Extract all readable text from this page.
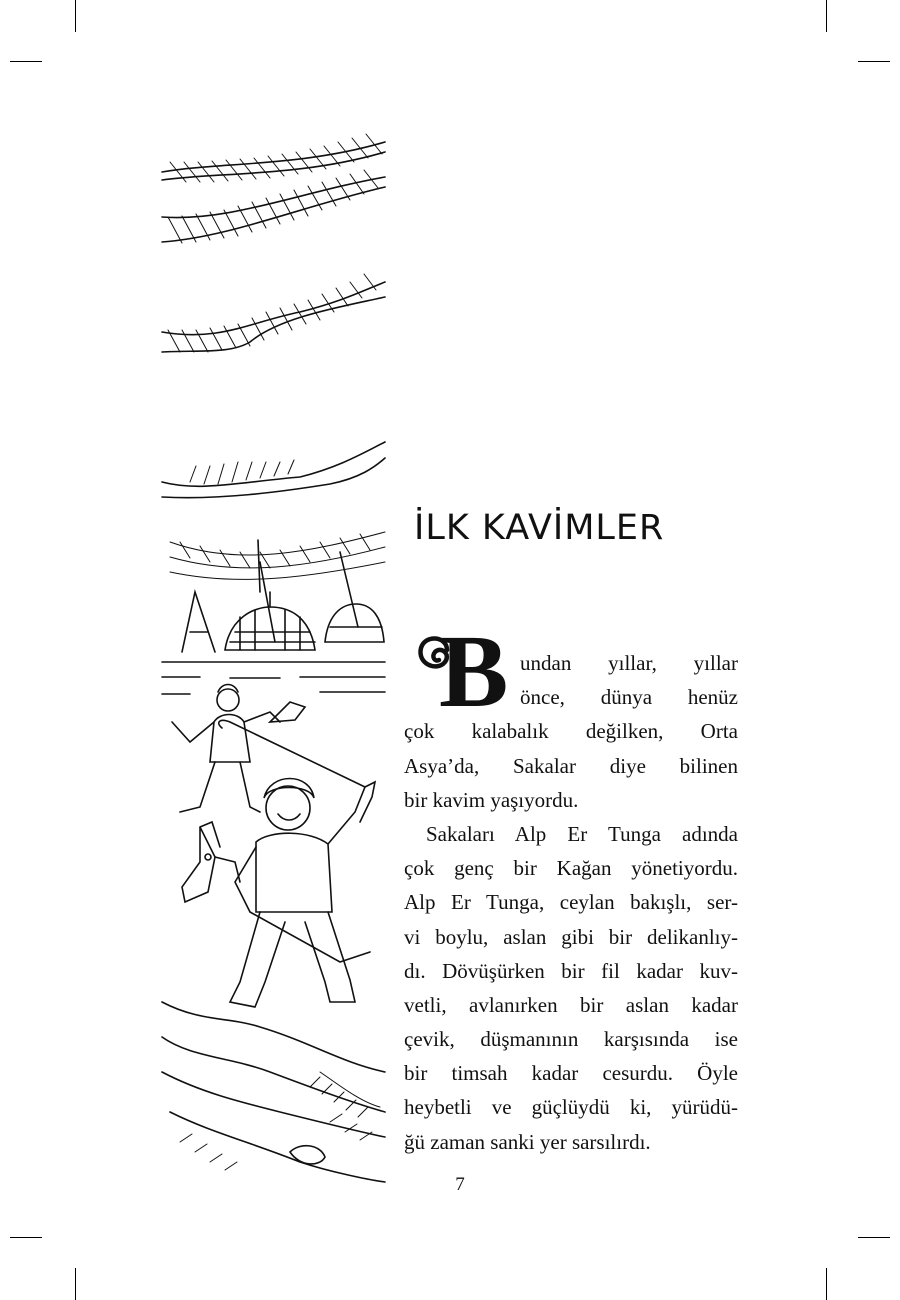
İLK KAVİMLER
B undan yıllar, yıllar
önce, dünya henüz
çok kalabalık değilken, Orta
Asya’da, Sakalar diye bilinen
bir kavim yaşıyordu.

Sakaları Alp Er Tunga adında
çok genç bir Kağan yönetiyordu.
Alp Er Tunga, ceylan bakışlı, ser-
vi boylu, aslan gibi bir delikanlıy-
dı. Dövüşürken bir fil kadar kuv-
vetli, avlanırken bir aslan kadar
çevik, düşmanının karşısında ise
bir timsah kadar cesurdu. Öyle
heybetli ve güçlüydü ki, yürüdü-
ğü zaman sanki yer sarsılırdı.

7
